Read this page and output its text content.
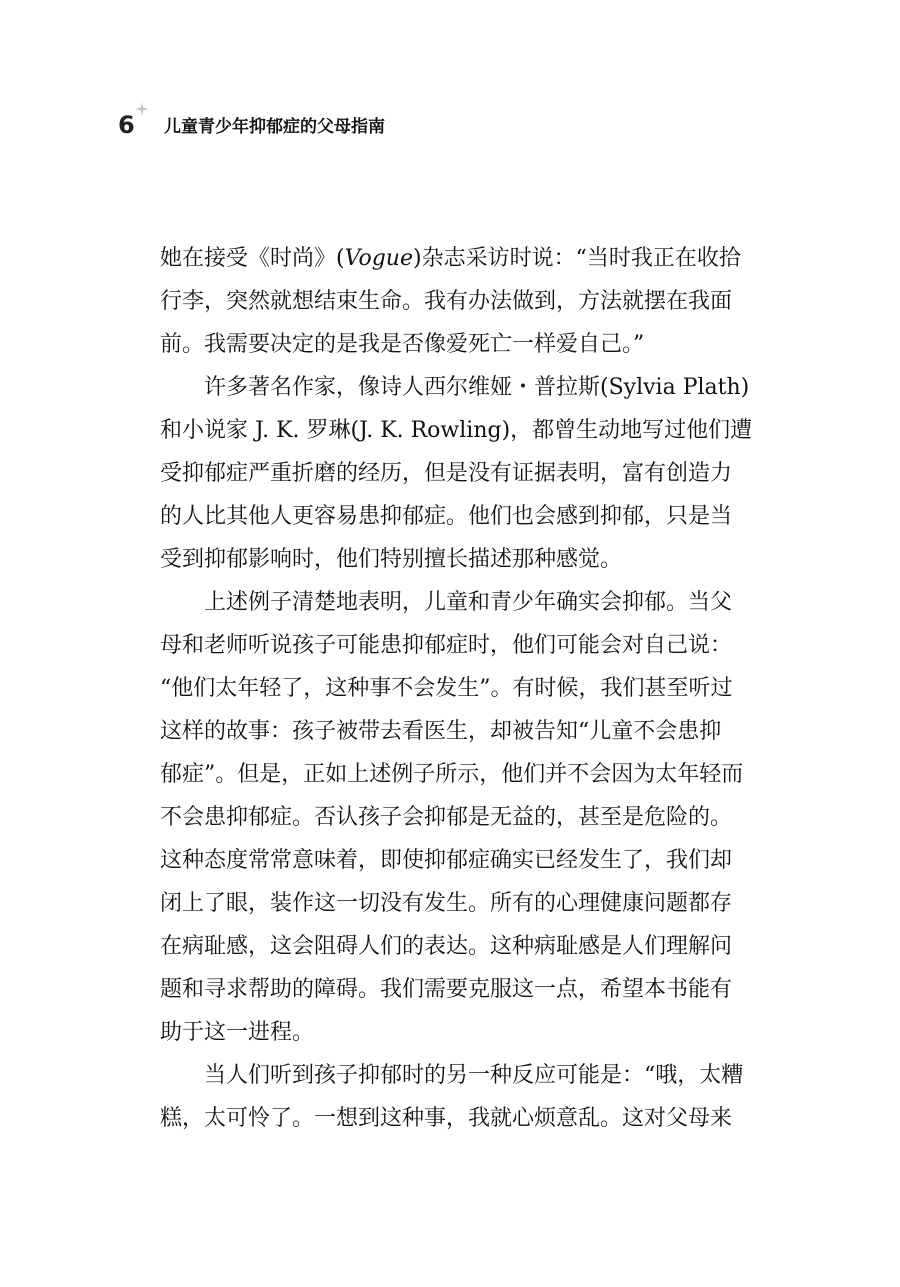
6 儿童青少年抑郁症的父母指南
她在接受《时尚》(Vogue)杂志采访时说：“当时我正在收拾
行李，突然就想结束生命。我有办法做到，方法就摆在我面
前。我需要决定的是我是否像爱死亡一样爱自己。”
许多著名作家，像诗人西尔维娅・普拉斯(Sylvia Plath)
和小说家 J. K. 罗琳(J. K. Rowling)，都曾生动地写过他们遭
受抑郁症严重折磨的经历，但是没有证据表明，富有创造力
的人比其他人更容易患抑郁症。他们也会感到抑郁，只是当
受到抑郁影响时，他们特别擅长描述那种感觉。
上述例子清楚地表明，儿童和青少年确实会抑郁。当父
母和老师听说孩子可能患抑郁症时，他们可能会对自己说：
“他们太年轻了，这种事不会发生”。有时候，我们甚至听过
这样的故事：孩子被带去看医生，却被告知“儿童不会患抑
郁症”。但是，正如上述例子所示，他们并不会因为太年轻而
不会患抑郁症。否认孩子会抑郁是无益的，甚至是危险的。
这种态度常常意味着，即使抑郁症确实已经发生了，我们却
闭上了眼，装作这一切没有发生。所有的心理健康问题都存
在病耻感，这会阻碍人们的表达。这种病耻感是人们理解问
题和寻求帮助的障碍。我们需要克服这一点，希望本书能有
助于这一进程。
当人们听到孩子抑郁时的另一种反应可能是：“哦，太糟
糕，太可怜了。一想到这种事，我就心烦意乱。这对父母来
